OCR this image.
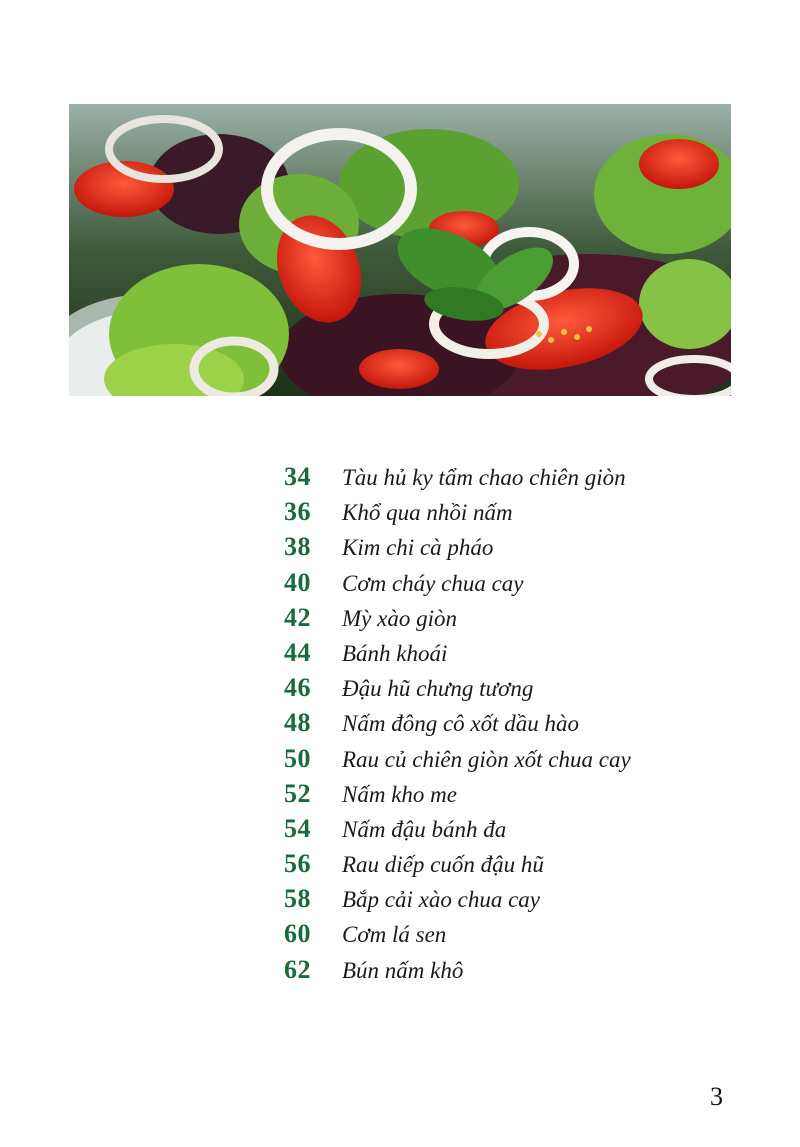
34	Tàu hủ ky tẩm chao chiên giòn
36	Khổ qua nhồi nấm
38	Kim chi cà pháo
40	Cơm cháy chua cay
42	Mỳ xào giòn
44	Bánh khoái
46	Đậu hũ chưng tương
48	Nấm đông cô xốt dầu hào
50	Rau củ chiên giòn xốt chua cay
52	Nấm kho me
54	Nấm đậu bánh đa
56	Rau diếp cuốn đậu hũ
58	Bắp cải xào chua cay
60	Cơm lá sen
62	Bún nấm khô
3
